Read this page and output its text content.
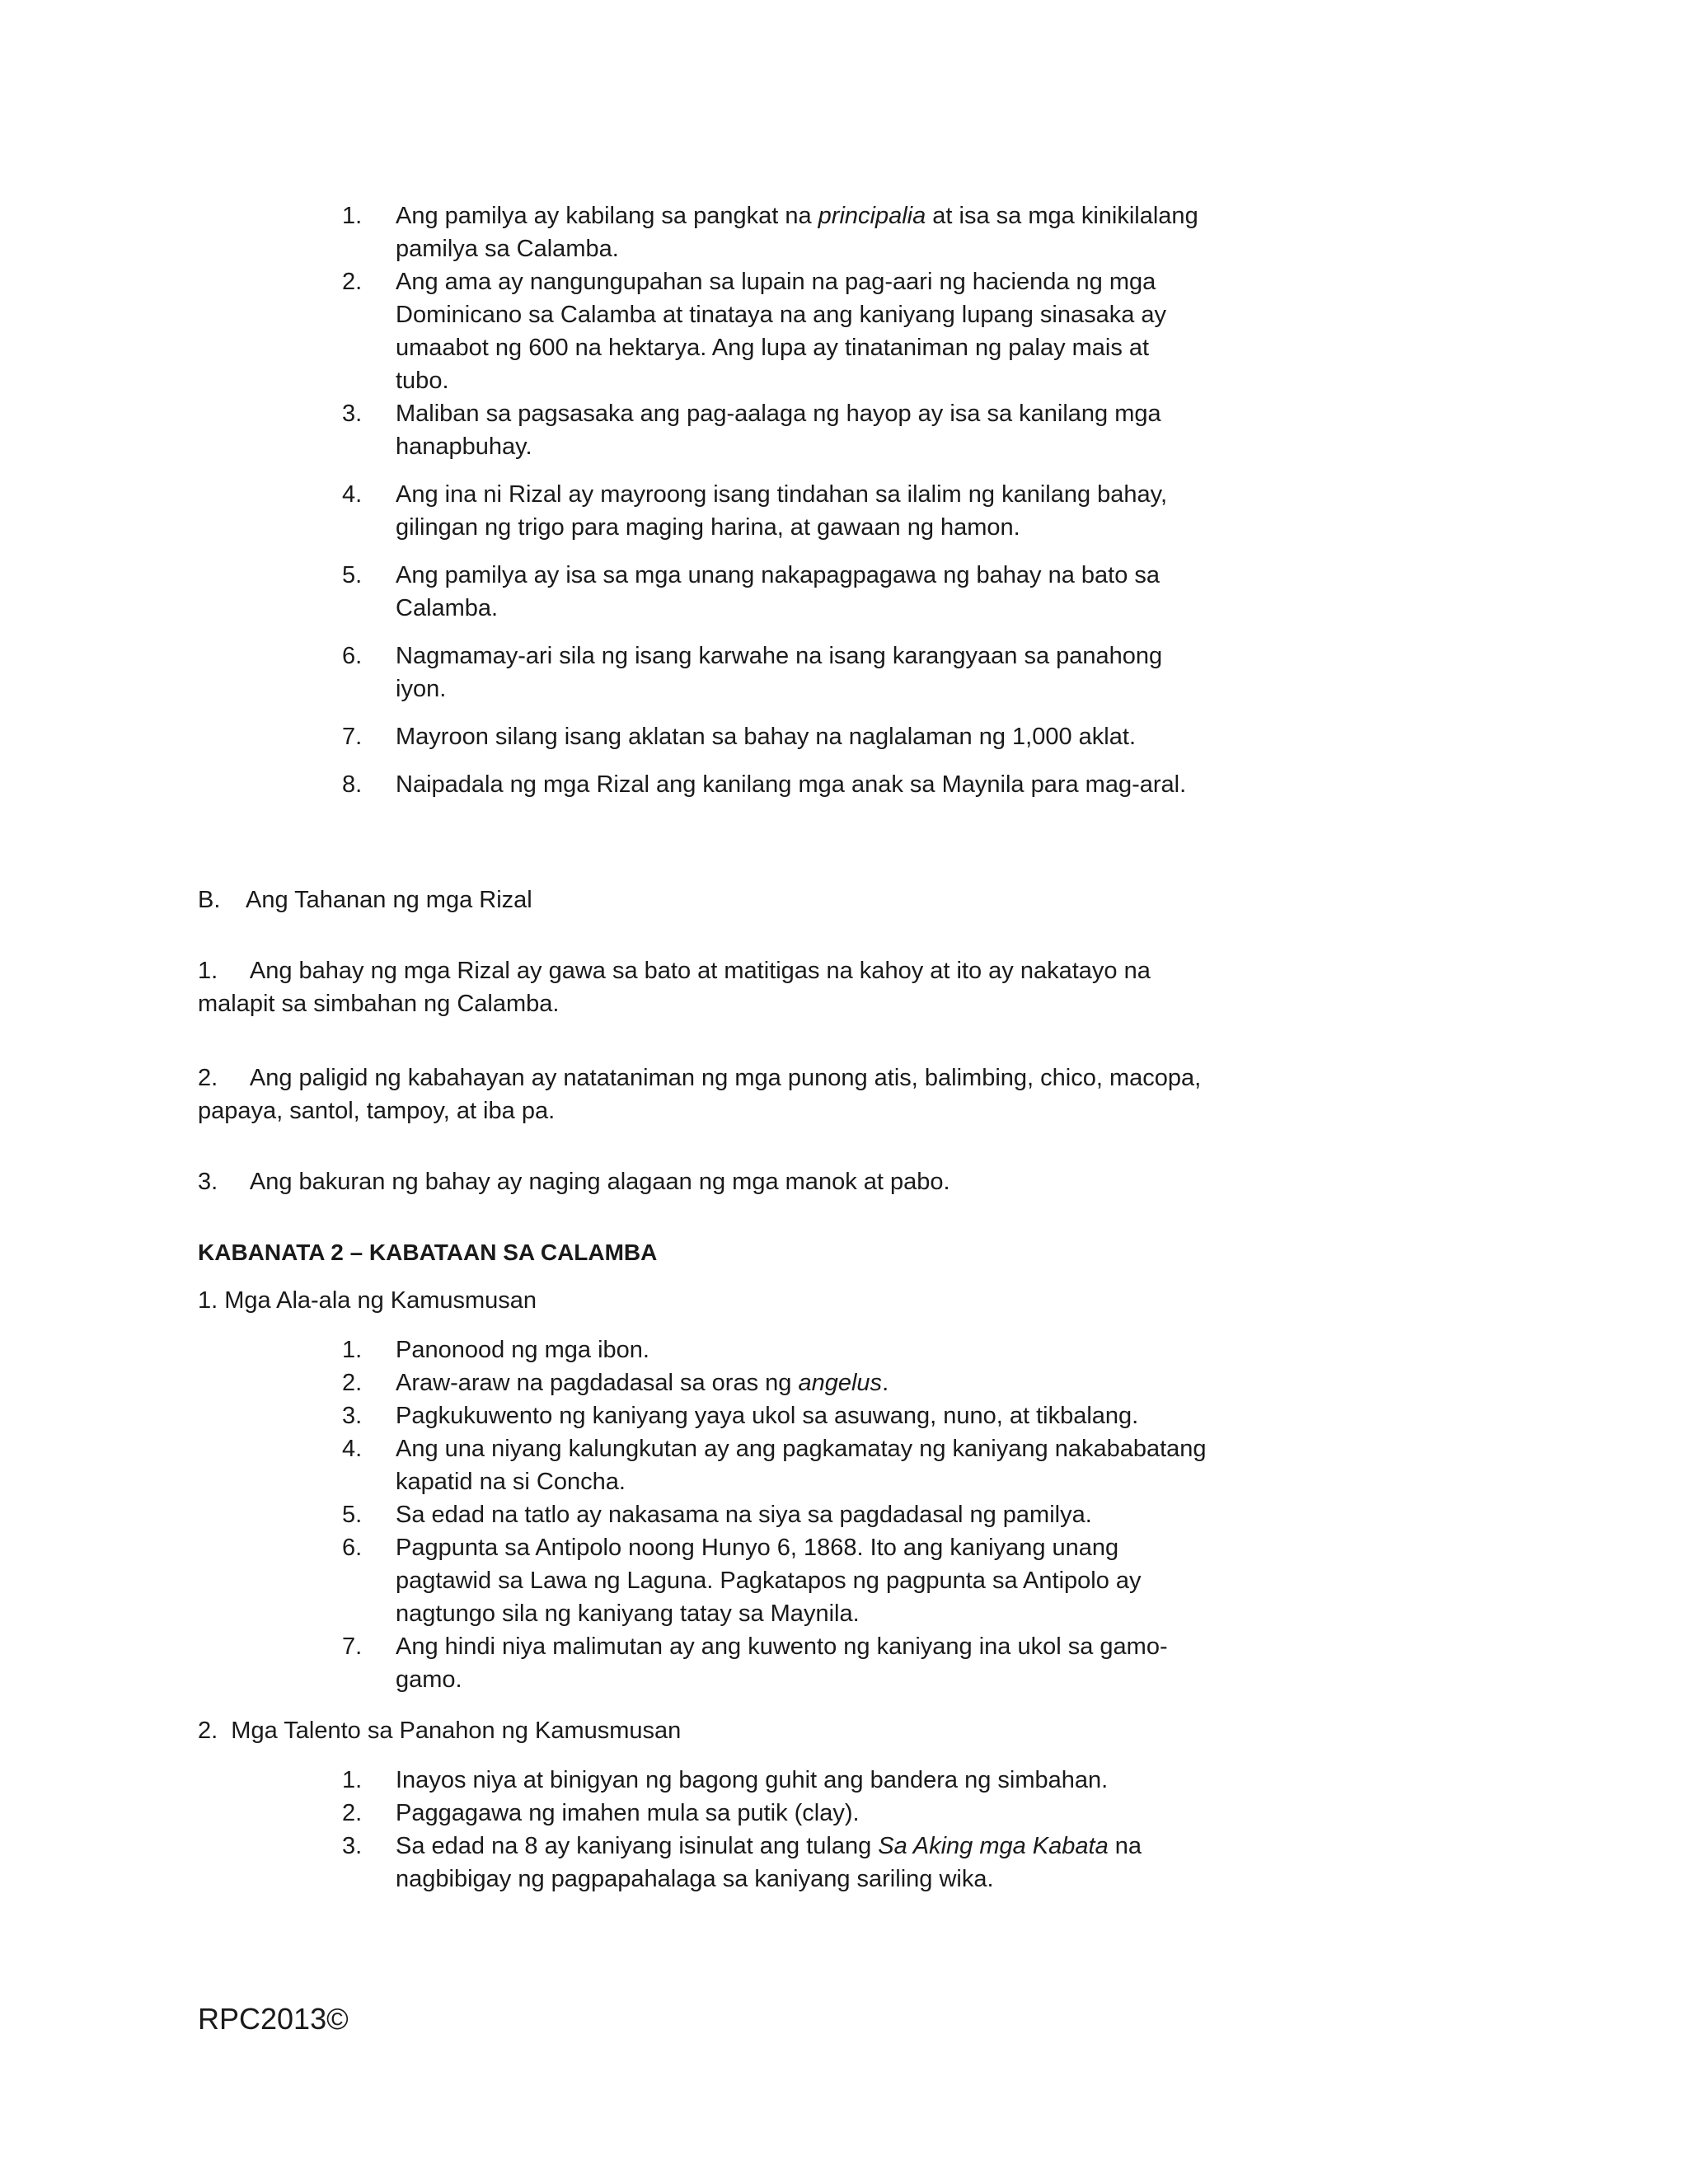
1. Ang pamilya ay kabilang sa pangkat na principalia at isa sa mga kinikilalang pamilya sa Calamba.
2. Ang ama ay nangungupahan sa lupain na pag-aari ng hacienda ng mga Dominicano sa Calamba at tinataya na ang kaniyang lupang sinasaka ay umaabot ng 600 na hektarya. Ang lupa ay tinataniman ng palay mais at tubo.
3. Maliban sa pagsasaka ang pag-aalaga ng hayop ay isa sa kanilang mga hanapbuhay.
4. Ang ina ni Rizal ay mayroong isang tindahan sa ilalim ng kanilang bahay, gilingan ng trigo para maging harina, at gawaan ng hamon.
5. Ang pamilya ay isa sa mga unang nakapagpagawa ng bahay na bato sa Calamba.
6. Nagmamay-ari sila ng isang karwahe na isang karangyaan sa panahong iyon.
7. Mayroon silang isang aklatan sa bahay na naglalaman ng 1,000 aklat.
8. Naipadala ng mga Rizal ang kanilang mga anak sa Maynila para mag-aral.

B.    Ang Tahanan ng mga Rizal

1.     Ang bahay ng mga Rizal ay gawa sa bato at matitigas na kahoy at ito ay nakatayo na malapit sa simbahan ng Calamba.

2.     Ang paligid ng kabahayan ay natataniman ng mga punong atis, balimbing, chico, macopa, papaya, santol, tampoy, at iba pa.

3.     Ang bakuran ng bahay ay naging alagaan ng mga manok at pabo.

KABANATA 2 – KABATAAN SA CALAMBA

1. Mga Ala-ala ng Kamusmusan

1. Panonood ng mga ibon.
2. Araw-araw na pagdadasal sa oras ng angelus.
3. Pagkukuwento ng kaniyang yaya ukol sa asuwang, nuno, at tikbalang.
4. Ang una niyang kalungkutan ay ang pagkamatay ng kaniyang nakababatang kapatid na si Concha.
5. Sa edad na tatlo ay nakasama na siya sa pagdadasal ng pamilya.
6. Pagpunta sa Antipolo noong Hunyo 6, 1868. Ito ang kaniyang unang pagtawid sa Lawa ng Laguna. Pagkatapos ng pagpunta sa Antipolo ay nagtungo sila ng kaniyang tatay sa Maynila.
7. Ang hindi niya malimutan ay ang kuwento ng kaniyang ina ukol sa gamo-gamo.

2.  Mga Talento sa Panahon ng Kamusmusan

1. Inayos niya at binigyan ng bagong guhit ang bandera ng simbahan.
2. Paggagawa ng imahen mula sa putik (clay).
3. Sa edad na 8 ay kaniyang isinulat ang tulang Sa Aking mga Kabata na nagbibigay ng pagpapahalaga sa kaniyang sariling wika.
RPC2013©
